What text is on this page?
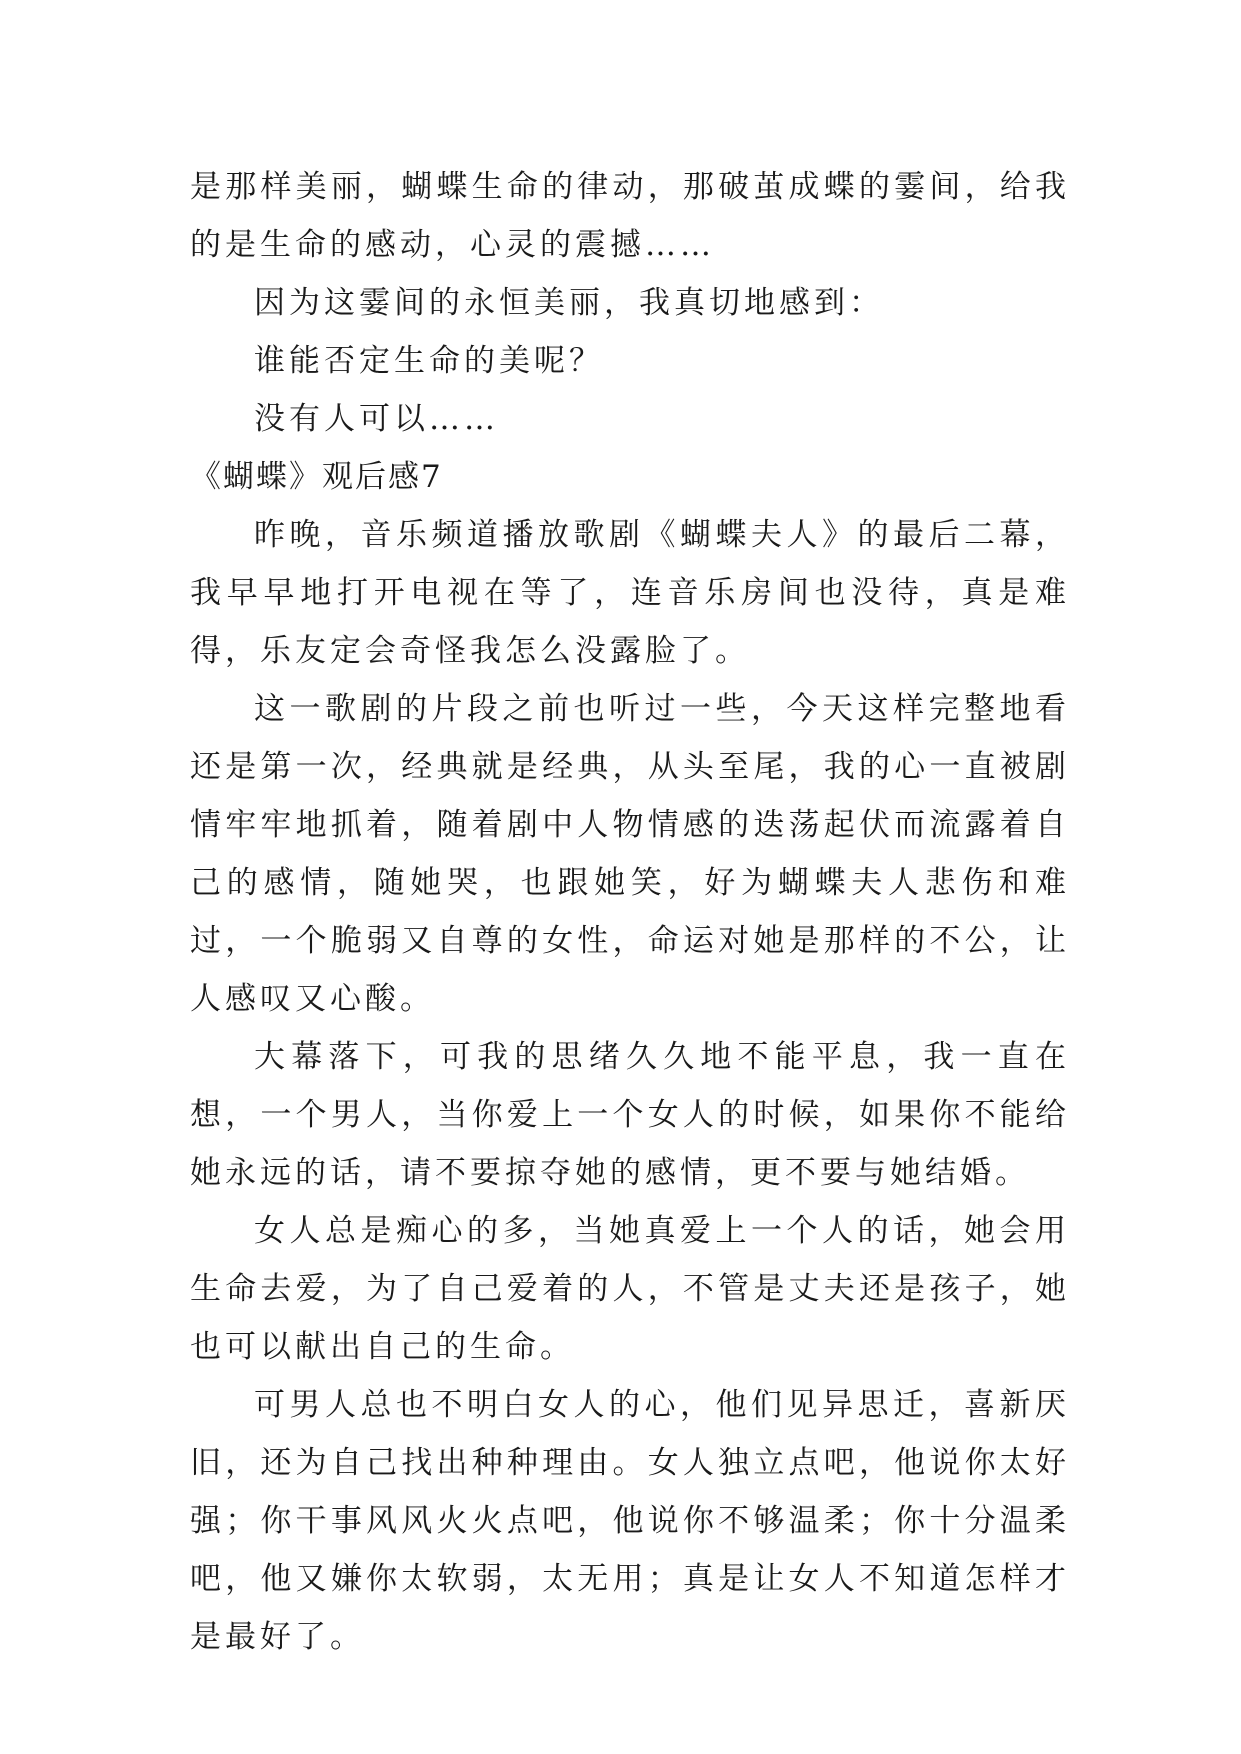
是那样美丽，蝴蝶生命的律动，那破茧成蝶的霎间，给我的是生命的感动，心灵的震撼……

因为这霎间的永恒美丽，我真切地感到：

谁能否定生命的美呢？

没有人可以……

《蝴蝶》观后感7

昨晚，音乐频道播放歌剧《蝴蝶夫人》的最后二幕，我早早地打开电视在等了，连音乐房间也没待，真是难得，乐友定会奇怪我怎么没露脸了。

这一歌剧的片段之前也听过一些，今天这样完整地看还是第一次，经典就是经典，从头至尾，我的心一直被剧情牢牢地抓着，随着剧中人物情感的迭荡起伏而流露着自己的感情，随她哭，也跟她笑，好为蝴蝶夫人悲伤和难过，一个脆弱又自尊的女性，命运对她是那样的不公，让人感叹又心酸。

大幕落下，可我的思绪久久地不能平息，我一直在想，一个男人，当你爱上一个女人的时候，如果你不能给她永远的话，请不要掠夺她的感情，更不要与她结婚。

女人总是痴心的多，当她真爱上一个人的话，她会用生命去爱，为了自己爱着的人，不管是丈夫还是孩子，她也可以献出自己的生命。

可男人总也不明白女人的心，他们见异思迁，喜新厌旧，还为自己找出种种理由。女人独立点吧，他说你太好强；你干事风风火火点吧，他说你不够温柔；你十分温柔吧，他又嫌你太软弱，太无用；真是让女人不知道怎样才是最好了。
